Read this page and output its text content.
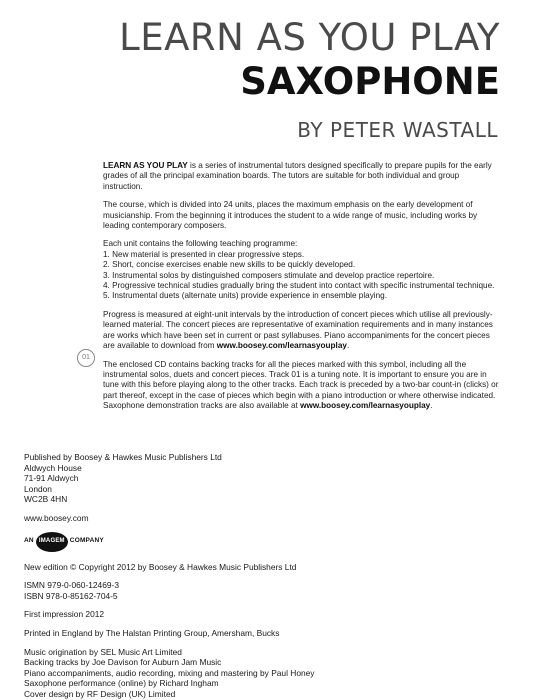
LEARN AS YOU PLAY
SAXOPHONE
BY PETER WASTALL

LEARN AS YOU PLAY is a series of instrumental tutors designed specifically to prepare pupils for the early grades of all the principal examination boards. The tutors are suitable for both individual and group instruction.

The course, which is divided into 24 units, places the maximum emphasis on the early development of musicianship. From the beginning it introduces the student to a wide range of music, including works by leading contemporary composers.

Each unit contains the following teaching programme:
1. New material is presented in clear progressive steps.
2. Short, concise exercises enable new skills to be quickly developed.
3. Instrumental solos by distinguished composers stimulate and develop practice repertoire.
4. Progressive technical studies gradually bring the student into contact with specific instrumental technique.
5. Instrumental duets (alternate units) provide experience in ensemble playing.

Progress is measured at eight-unit intervals by the introduction of concert pieces which utilise all previously-learned material. The concert pieces are representative of examination requirements and in many instances are works which have been set in current or past syllabuses. Piano accompaniments for the concert pieces are available to download from www.boosey.com/learnasyouplay.

The enclosed CD contains backing tracks for all the pieces marked with this symbol, including all the instrumental solos, duets and concert pieces. Track 01 is a tuning note. It is important to ensure you are in tune with this before playing along to the other tracks. Each track is preceded by a two-bar count-in (clicks) or part thereof, except in the case of pieces which begin with a piano introduction or where otherwise indicated. Saxophone demonstration tracks are also available at www.boosey.com/learnasyouplay.

01
Published by Boosey & Hawkes Music Publishers Ltd
Aldwych House
71-91 Aldwych
London
WC2B 4HN

www.boosey.com

AN IMAGEM COMPANY

New edition © Copyright 2012 by Boosey & Hawkes Music Publishers Ltd

ISMN 979-0-060-12469-3
ISBN 978-0-85162-704-5

First impression 2012

Printed in England by The Halstan Printing Group, Amersham, Bucks

Music origination by SEL Music Art Limited
Backing tracks by Joe Davison for Auburn Jam Music
Piano accompaniments, audio recording, mixing and mastering by Paul Honey
Saxophone performance (online) by Richard Ingham
Cover design by RF Design (UK) Limited
